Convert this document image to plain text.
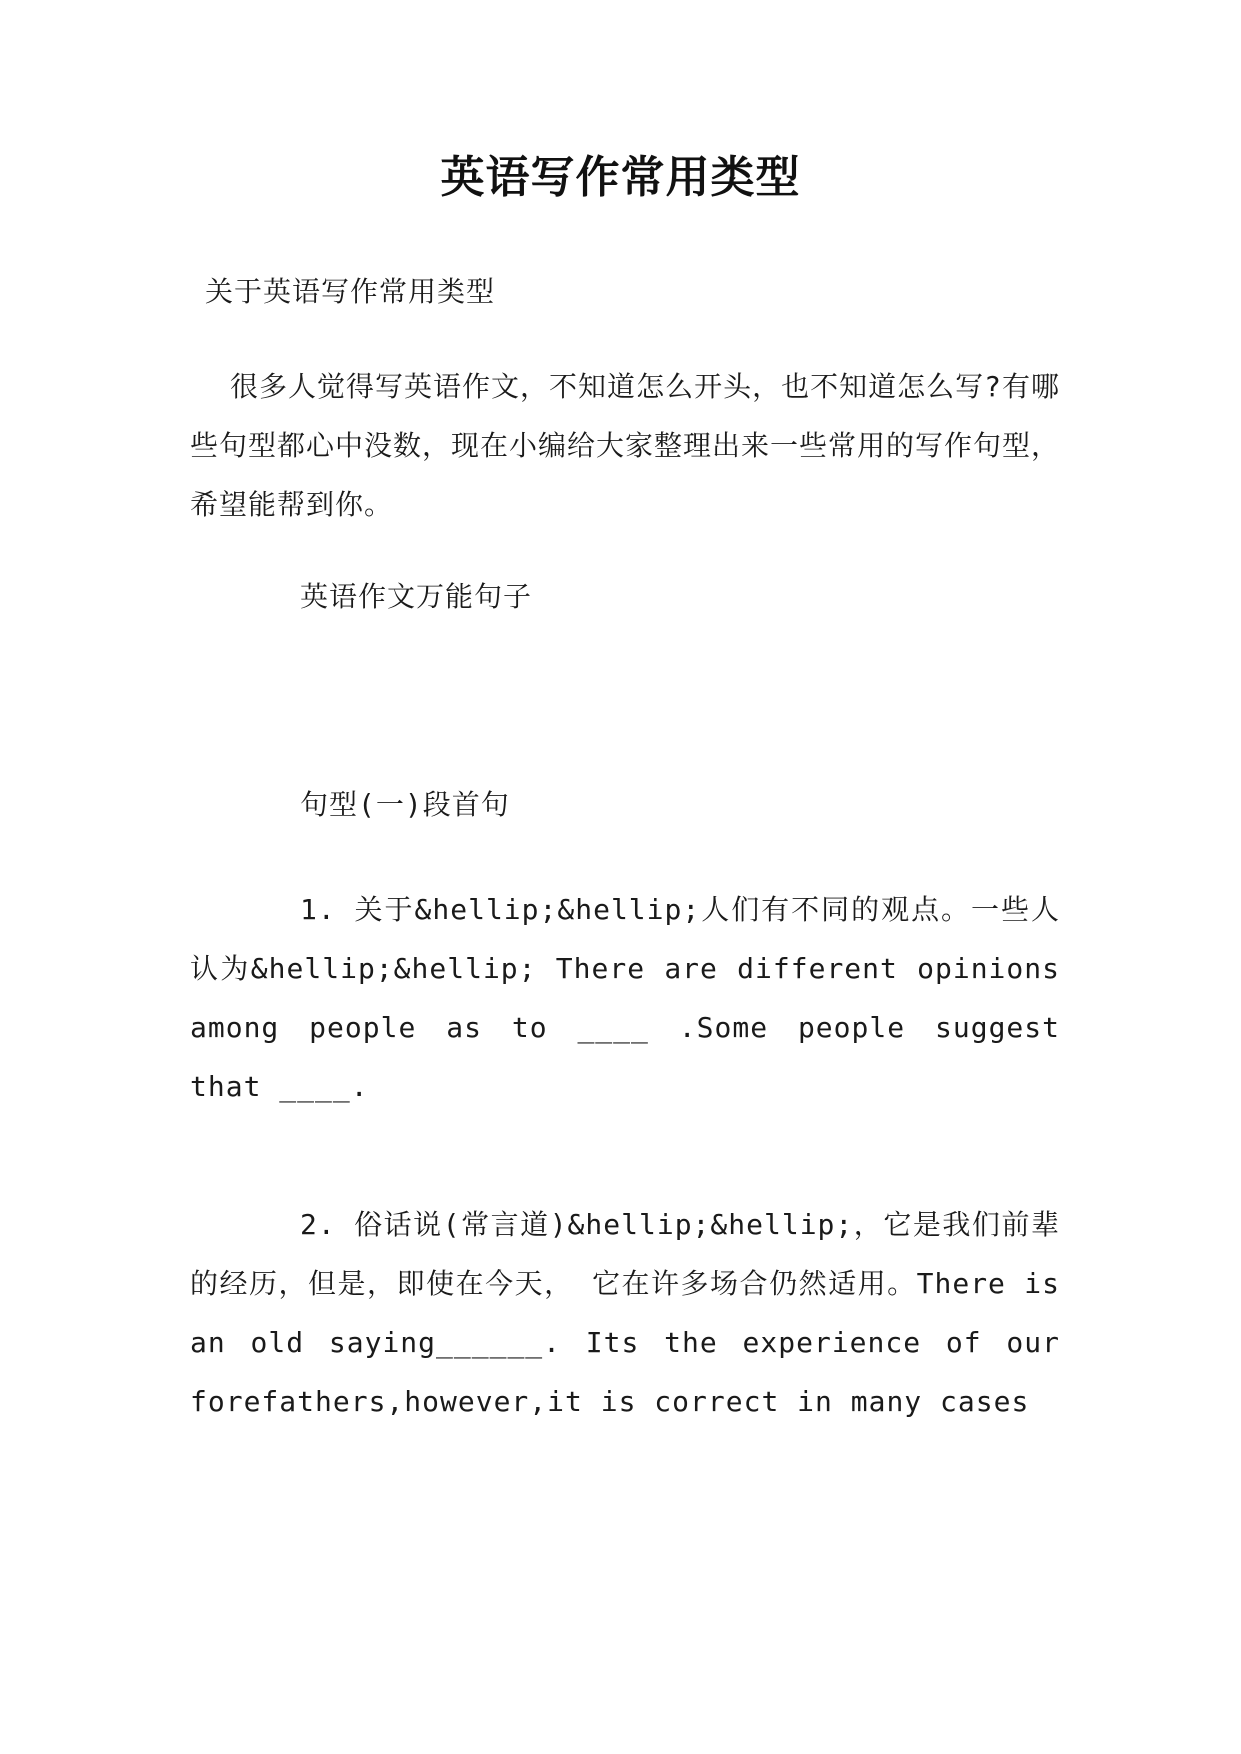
英语写作常用类型

关于英语写作常用类型

很多人觉得写英语作文，不知道怎么开头，也不知道怎么写?有哪些句型都心中没数，现在小编给大家整理出来一些常用的写作句型，希望能帮到你。

英语作文万能句子

句型(一)段首句

1. 关于&hellip;&hellip;人们有不同的观点。一些人认为&hellip;&hellip; There are different opinions among people as to ____ .Some people suggest that ____.

2. 俗话说(常言道)&hellip;&hellip;，它是我们前辈的经历，但是，即使在今天， 它在许多场合仍然适用。There is an old saying______. Its the experience of our forefathers,however,it is correct in many cases
